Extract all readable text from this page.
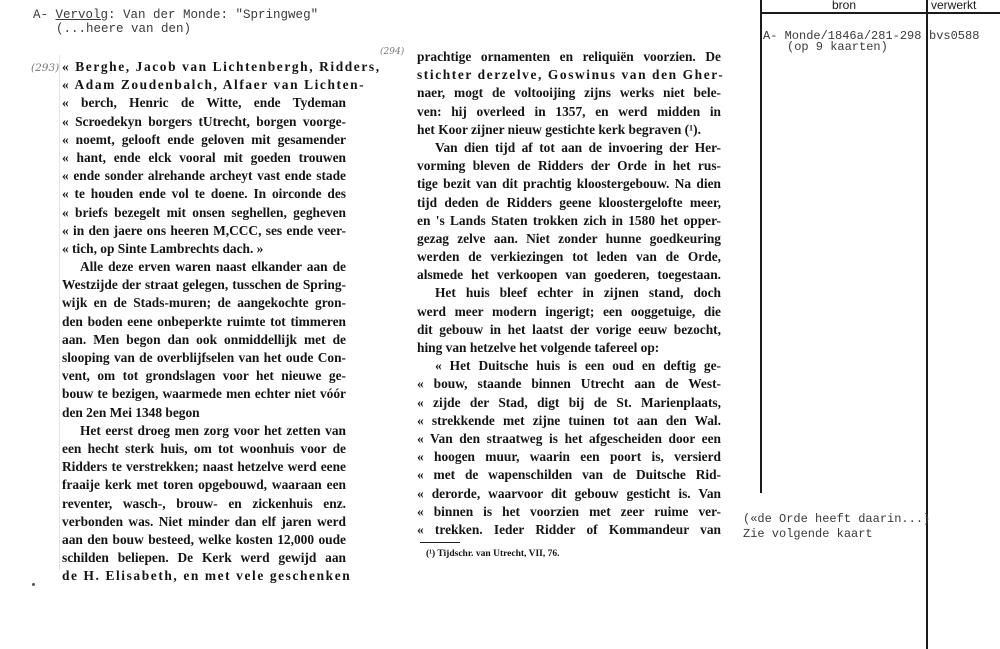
A- Vervolg: Van der Monde: "Springweg"
(...heere van den)
(293)
(294)
« Berghe, Jacob van Lichtenbergh, Ridders,
« Adam Zoudenbalch, Alfaer van Lichten-
« berch, Henric de Witte, ende Tydeman
« Scroedekyn borgers tUtrecht, borgen voorge-
« noemt, gelooft ende geloven mit gesamender
« hant, ende elck vooral mit goeden trouwen
« ende sonder alrehande archeyt vast ende stade
« te houden ende vol te doene. In oirconde des
« briefs bezegelt mit onsen seghellen, gegheven
« in den jaere ons heeren M,CCC, ses ende veer-
« tich, op Sinte Lambrechts dach. »
Alle deze erven waren naast elkander aan de
Westzijde der straat gelegen, tusschen de Spring-
wijk en de Stads-muren; de aangekochte gron-
den boden eene onbeperkte ruimte tot timmeren
aan. Men begon dan ook onmiddellijk met de
slooping van de overblijfselen van het oude Con-
vent, om tot grondslagen voor het nieuwe ge-
bouw te bezigen, waarmede men echter niet vóór
den 2en Mei 1348 begon
Het eerst droeg men zorg voor het zetten van
een hecht sterk huis, om tot woonhuis voor de
Ridders te verstrekken; naast hetzelve werd eene
fraaije kerk met toren opgebouwd, waaraan een
reventer, wasch-, brouw- en zickenhuis enz.
verbonden was. Niet minder dan elf jaren werd
aan den bouw besteed, welke kosten 12,000 oude
schilden beliepen. De Kerk werd gewijd aan
de H. Elisabeth, en met vele geschenken
prachtige ornamenten en reliquiën voorzien. De
stichter derzelve, Goswinus van den Gher-
naer, mogt de voltooijing zijns werks niet bele-
ven: hij overleed in 1357, en werd midden in
het Koor zijner nieuw gestichte kerk begraven (¹).
Van dien tijd af tot aan de invoering der Her-
vorming bleven de Ridders der Orde in het rus-
tige bezit van dit prachtig kloostergebouw. Na dien
tijd deden de Ridders geene kloostergelofte meer,
en 's Lands Staten trokken zich in 1580 het opper-
gezag zelve aan. Niet zonder hunne goedkeuring
werden de verkiezingen tot leden van de Orde,
alsmede het verkoopen van goederen, toegestaan.
Het huis bleef echter in zijnen stand, doch
werd meer modern ingerigt; een ooggetuige, die
dit gebouw in het laatst der vorige eeuw bezocht,
hing van hetzelve het volgende tafereel op:
« Het Duitsche huis is een oud en deftig ge-
« bouw, staande binnen Utrecht aan de West-
« zijde der Stad, digt bij de St. Marienplaats,
« strekkende met zijne tuinen tot aan den Wal.
« Van den straatweg is het afgescheiden door een
« hoogen muur, waarin een poort is, versierd
« met de wapenschilden van de Duitsche Rid-
« derorde, waarvoor dit gebouw gesticht is. Van
« binnen is het voorzien met zeer ruime ver-
« trekken. Ieder Ridder of Kommandeur van
(¹) Tijdschr. van Utrecht, VII, 76.
bron	verwerkt
A- Monde/1846a/281-298
(op 9 kaarten)
bvs0588
(«de Orde heeft daarin...)
Zie volgende kaart
